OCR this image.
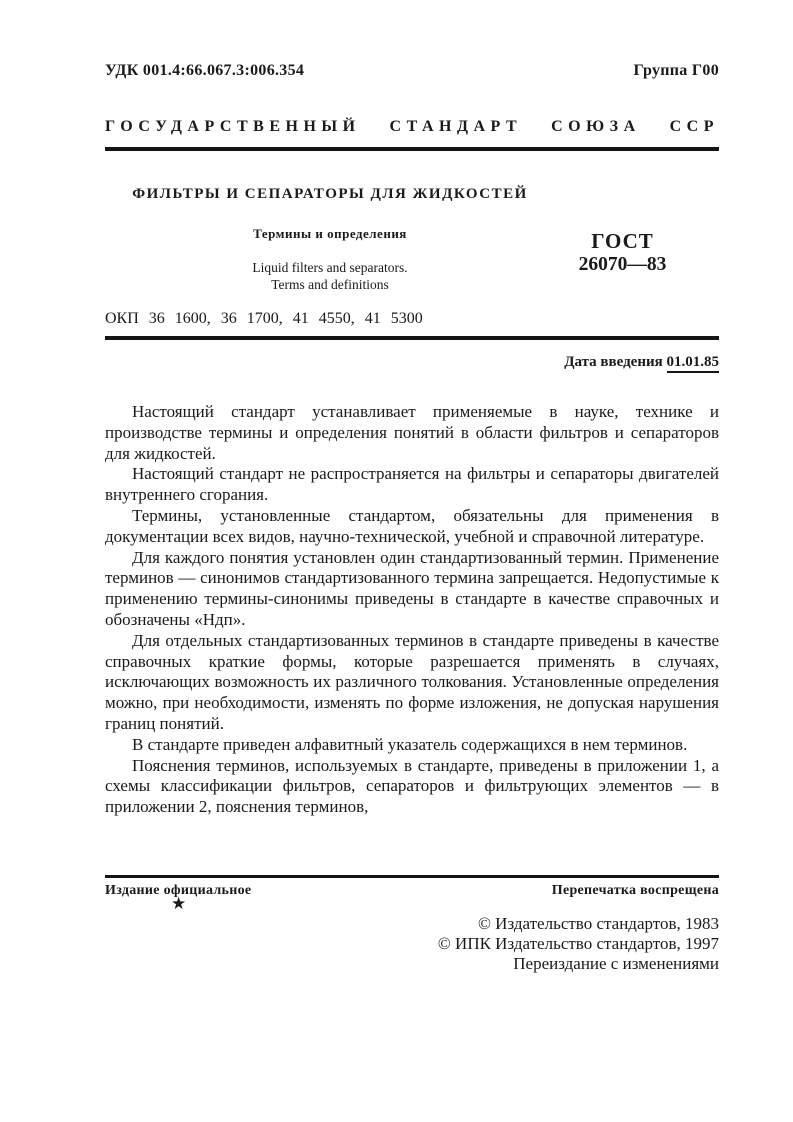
УДК 001.4:66.067.3:006.354	Группа Г00
ГОСУДАРСТВЕННЫЙ СТАНДАРТ СОЮЗА ССР
ФИЛЬТРЫ И СЕПАРАТОРЫ ДЛЯ ЖИДКОСТЕЙ
Термины и определения
Liquid filters and separators.
Terms and definitions
ГОСТ
26070—83
ОКП 36 1600, 36 1700, 41 4550, 41 5300
Дата введения 01.01.85

Настоящий стандарт устанавливает применяемые в науке, технике и производстве термины и определения понятий в области фильтров и сепараторов для жидкостей.

Настоящий стандарт не распространяется на фильтры и сепараторы двигателей внутреннего сгорания.

Термины, установленные стандартом, обязательны для применения в документации всех видов, научно-технической, учебной и справочной литературе.

Для каждого понятия установлен один стандартизованный термин. Применение терминов — синонимов стандартизованного термина запрещается. Недопустимые к применению термины-синонимы приведены в стандарте в качестве справочных и обозначены «Ндп».

Для отдельных стандартизованных терминов в стандарте приведены в качестве справочных краткие формы, которые разрешается применять в случаях, исключающих возможность их различного толкования. Установленные определения можно, при необходимости, изменять по форме изложения, не допуская нарушения границ понятий.

В стандарте приведен алфавитный указатель содержащихся в нем терминов.

Пояснения терминов, используемых в стандарте, приведены в приложении 1, а схемы классификации фильтров, сепараторов и фильтрующих элементов — в приложении 2, пояснения терминов,

Издание официальное	Перепечатка воспрещена
★
© Издательство стандартов, 1983
© ИПК Издательство стандартов, 1997
Переиздание с изменениями
